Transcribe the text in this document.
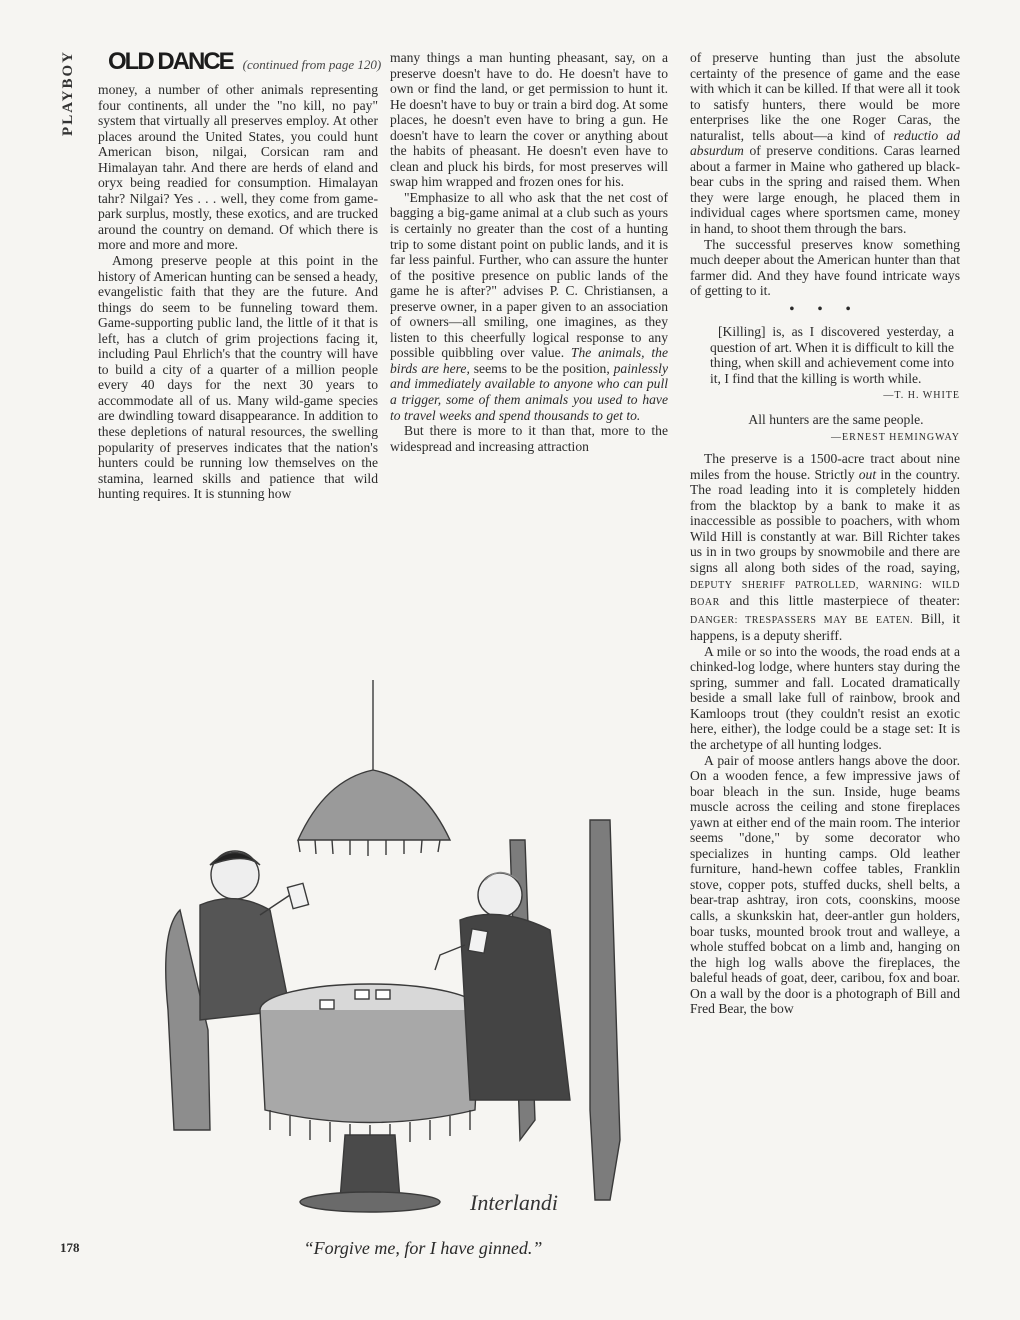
PLAYBOY OLD DANCE (continued from page 120)

money, a number of other animals representing four continents, all under the "no kill, no pay" system that virtually all preserves employ. At other places around the United States, you could hunt American bison, nilgai, Corsican ram and Himalayan tahr. And there are herds of eland and oryx being readied for consumption. Himalayan tahr? Nilgai? Yes . . . well, they come from game-park surplus, mostly, these exotics, and are trucked around the country on demand. Of which there is more and more and more.

Among preserve people at this point in the history of American hunting can be sensed a heady, evangelistic faith that they are the future. And things do seem to be funneling toward them. Game-supporting public land, the little of it that is left, has a clutch of grim projections facing it, including Paul Ehrlich's that the country will have to build a city of a quarter of a million people every 40 days for the next 30 years to accommodate all of us. Many wild-game species are dwindling toward disappearance. In addition to these depletions of natural resources, the swelling popularity of preserves indicates that the nation's hunters could be running low themselves on the stamina, learned skills and patience that wild hunting requires. It is stunning how

many things a man hunting pheasant, say, on a preserve doesn't have to do. He doesn't have to own or find the land, or get permission to hunt it. He doesn't have to buy or train a bird dog. At some places, he doesn't even have to bring a gun. He doesn't have to learn the cover or anything about the habits of pheasant. He doesn't even have to clean and pluck his birds, for most preserves will swap him wrapped and frozen ones for his.

"Emphasize to all who ask that the net cost of bagging a big-game animal at a club such as yours is certainly no greater than the cost of a hunting trip to some distant point on public lands, and it is far less painful. Further, who can assure the hunter of the positive presence on public lands of the game he is after?" advises P. C. Christiansen, a preserve owner, in a paper given to an association of owners—all smiling, one imagines, as they listen to this cheerfully logical response to any possible quibbling over value. The animals, the birds are here, seems to be the position, painlessly and immediately available to anyone who can pull a trigger, some of them animals you used to have to travel weeks and spend thousands to get to.

But there is more to it than that, more to the widespread and increasing attraction

of preserve hunting than just the absolute certainty of the presence of game and the ease with which it can be killed. If that were all it took to satisfy hunters, there would be more enterprises like the one Roger Caras, the naturalist, tells about—a kind of reductio ad absurdum of preserve conditions. Caras learned about a farmer in Maine who gathered up black-bear cubs in the spring and raised them. When they were large enough, he placed them in individual cages where sportsmen came, money in hand, to shoot them through the bars.

The successful preserves know something much deeper about the American hunter than that farmer did. And they have found intricate ways of getting to it.

• • •

[Killing] is, as I discovered yesterday, a question of art. When it is difficult to kill the thing, when skill and achievement come into it, I find that the killing is worth while.

—T. H. WHITE

All hunters are the same people.

—ERNEST HEMINGWAY

The preserve is a 1500-acre tract about nine miles from the house. Strictly out in the country. The road leading into it is completely hidden from the blacktop by a bank to make it as inaccessible as possible to poachers, with whom Wild Hill is constantly at war. Bill Richter takes us in in two groups by snowmobile and there are signs all along both sides of the road, saying, DEPUTY SHERIFF PATROLLED, WARNING: WILD BOAR and this little masterpiece of theater: DANGER: TRESPASSERS MAY BE EATEN. Bill, it happens, is a deputy sheriff.

A mile or so into the woods, the road ends at a chinked-log lodge, where hunters stay during the spring, summer and fall. Located dramatically beside a small lake full of rainbow, brook and Kamloops trout (they couldn't resist an exotic here, either), the lodge could be a stage set: It is the archetype of all hunting lodges.

A pair of moose antlers hangs above the door. On a wooden fence, a few impressive jaws of boar bleach in the sun. Inside, huge beams muscle across the ceiling and stone fireplaces yawn at either end of the main room. The interior seems "done," by some decorator who specializes in hunting camps. Old leather furniture, hand-hewn coffee tables, Franklin stove, copper pots, stuffed ducks, shell belts, a bear-trap ashtray, iron cots, coonskins, moose calls, a skunkskin hat, deer-antler gun holders, boar tusks, mounted brook trout and walleye, a whole stuffed bobcat on a limb and, hanging on the high log walls above the fireplaces, the baleful heads of goat, deer, caribou, fox and boar. On a wall by the door is a photograph of Bill and Fred Bear, the bow

Interlandi
“Forgive me, for I have ginned.”
178
